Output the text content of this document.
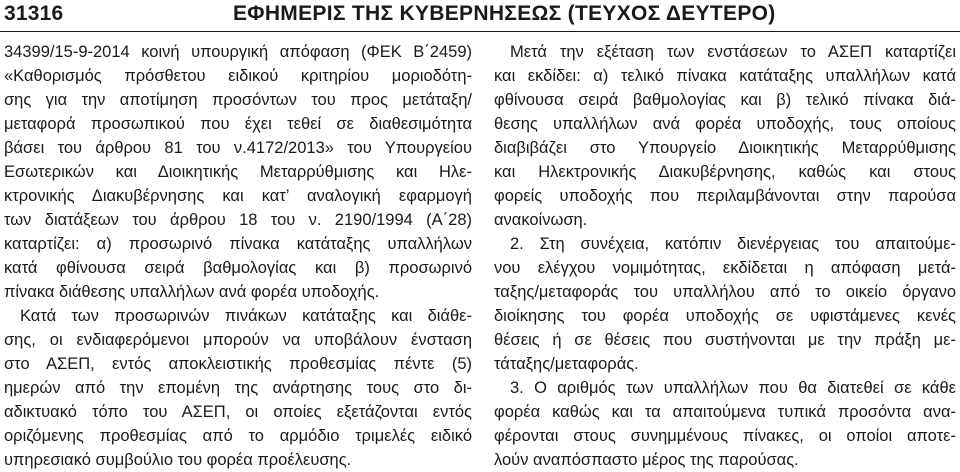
31316	ΕΦΗΜΕΡΙΣ ΤΗΣ ΚΥΒΕΡΝΗΣΕΩΣ (ΤΕΥΧΟΣ ΔΕΥΤΕΡΟ)
34399/15-9-2014 κοινή υπουργική απόφαση (ΦΕΚ Β΄2459)
«Καθορισμός πρόσθετου ειδικού κριτηρίου μοριοδότη-
σης για την αποτίμηση προσόντων του προς μετάταξη/
μεταφορά προσωπικού που έχει τεθεί σε διαθεσιμότητα
βάσει του άρθρου 81 του ν.4172/2013» του Υπουργείου
Εσωτερικών και Διοικητικής Μεταρρύθμισης και Ηλε-
κτρονικής Διακυβέρνησης και κατ’ αναλογική εφαρμογή
των διατάξεων του άρθρου 18 του ν. 2190/1994 (Α΄28)
καταρτίζει: α) προσωρινό πίνακα κατάταξης υπαλλήλων
κατά φθίνουσα σειρά βαθμολογίας και β) προσωρινό
πίνακα διάθεσης υπαλλήλων ανά φορέα υποδοχής.
Κατά των προσωρινών πινάκων κατάταξης και διάθε-
σης, οι ενδιαφερόμενοι μπορούν να υποβάλουν ένσταση
στο ΑΣΕΠ, εντός αποκλειστικής προθεσμίας πέντε (5)
ημερών από την επομένη της ανάρτησης τους στο δι-
αδικτυακό τόπο του ΑΣΕΠ, οι οποίες εξετάζονται εντός
οριζόμενης προθεσμίας από το αρμόδιο τριμελές ειδικό
υπηρεσιακό συμβούλιο του φορέα προέλευσης.
Μετά την εξέταση των ενστάσεων το ΑΣΕΠ καταρτίζει
και εκδίδει: α) τελικό πίνακα κατάταξης υπαλλήλων κατά
φθίνουσα σειρά βαθμολογίας και β) τελικό πίνακα διά-
θεσης υπαλλήλων ανά φορέα υποδοχής, τους οποίους
διαβιβάζει στο Υπουργείο Διοικητικής Μεταρρύθμισης
και Ηλεκτρονικής Διακυβέρνησης, καθώς και στους
φορείς υποδοχής που περιλαμβάνονται στην παρούσα
ανακοίνωση.
2. Στη συνέχεια, κατόπιν διενέργειας του απαιτούμε-
νου ελέγχου νομιμότητας, εκδίδεται η απόφαση μετά-
ταξης/μεταφοράς του υπαλλήλου από το οικείο όργανο
διοίκησης του φορέα υποδοχής σε υφιστάμενες κενές
θέσεις ή σε θέσεις που συστήνονται με την πράξη με-
τάταξης/μεταφοράς.
3. Ο αριθμός των υπαλλήλων που θα διατεθεί σε κάθε
φορέα καθώς και τα απαιτούμενα τυπικά προσόντα ανα-
φέρονται στους συνημμένους πίνακες, οι οποίοι αποτε-
λούν αναπόσπαστο μέρος της παρούσας.
